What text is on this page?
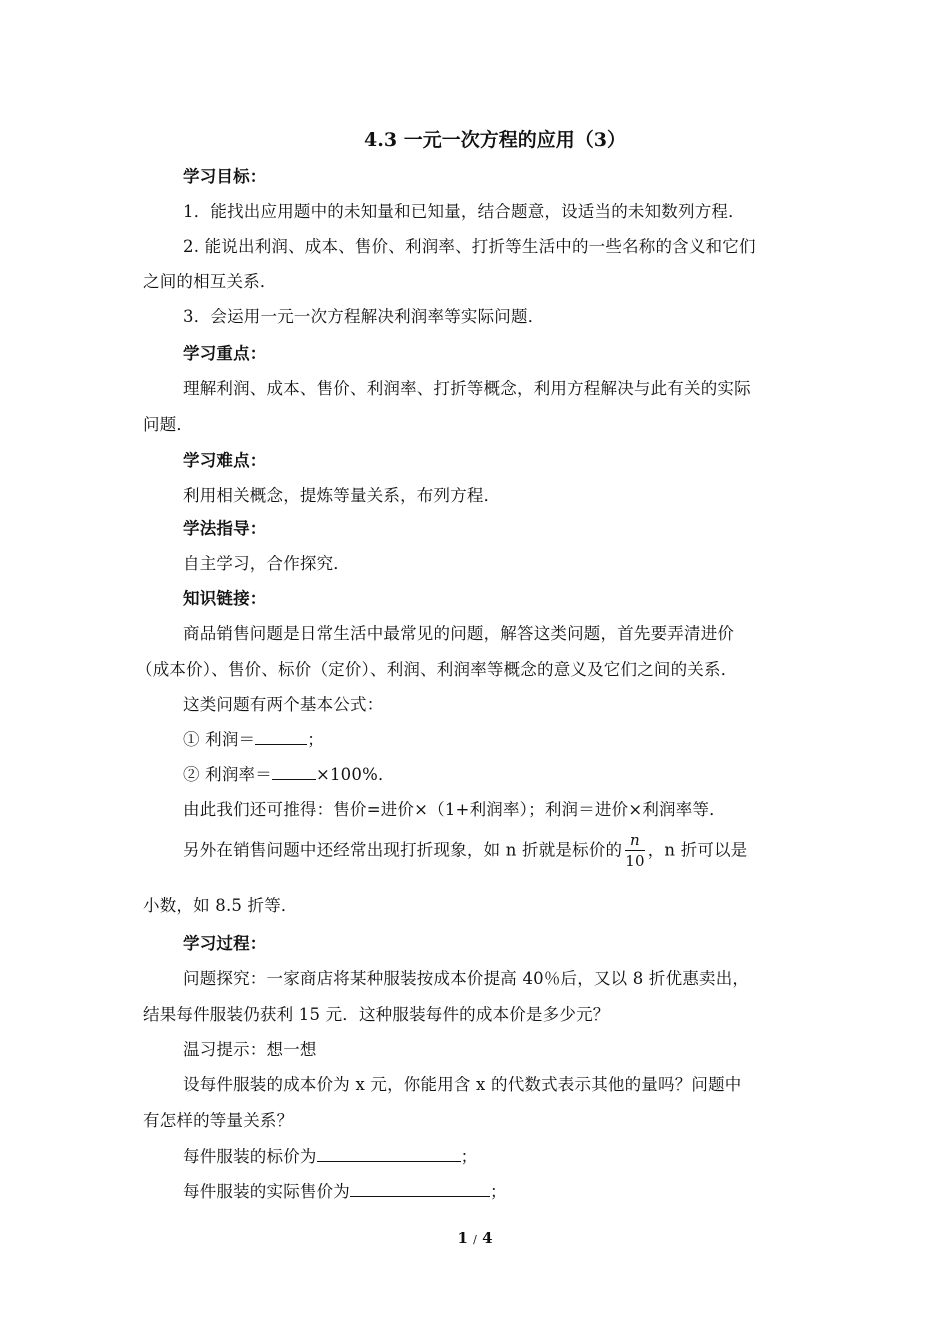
4.3 一元一次方程的应用（3）
学习目标：
1．能找出应用题中的未知量和已知量，结合题意，设适当的未知数列方程．
2. 能说出利润、成本、售价、利润率、打折等生活中的一些名称的含义和它们
之间的相互关系．
3．会运用一元一次方程解决利润率等实际问题．
学习重点：
理解利润、成本、售价、利润率、打折等概念，利用方程解决与此有关的实际
问题．
学习难点：
利用相关概念，提炼等量关系，布列方程．
学法指导：
自主学习，合作探究．
知识链接：
商品销售问题是日常生活中最常见的问题，解答这类问题，首先要弄清进价
（成本价）、售价、标价（定价）、利润、利润率等概念的意义及它们之间的关系．
这类问题有两个基本公式：
① 利润＝	；
② 利润率＝	×100%．
由此我们还可推得：售价=进价×（1+利润率）；利润＝进价×利润率等．
另外在销售问题中还经常出现打折现象，如 n 折就是标价的 $\frac{n}{10}$ ，n 折可以是
小数，如 8.5 折等．
学习过程：
问题探究：一家商店将某种服装按成本价提高 40％后，又以 8 折优惠卖出，
结果每件服装仍获利 15 元．这种服装每件的成本价是多少元？
温习提示：想一想
设每件服装的成本价为 x 元，你能用含 x 的代数式表示其他的量吗？问题中
有怎样的等量关系？
每件服装的标价为	；
每件服装的实际售价为	；
1 / 4
